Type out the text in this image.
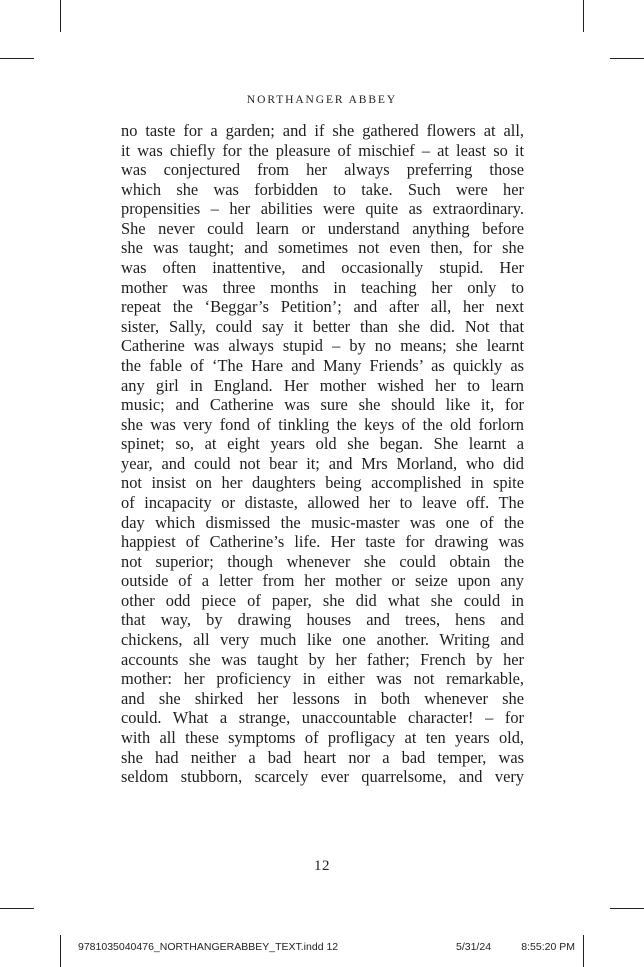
NORTHANGER ABBEY
no taste for a garden; and if she gathered flowers at all,
it was chiefly for the pleasure of mischief – at least so it
was conjectured from her always preferring those
which she was forbidden to take. Such were her
propensities – her abilities were quite as extraordinary.
She never could learn or understand anything before
she was taught; and sometimes not even then, for she
was often inattentive, and occasionally stupid. Her
mother was three months in teaching her only to
repeat the ‘Beggar’s Petition’; and after all, her next
sister, Sally, could say it better than she did. Not that
Catherine was always stupid – by no means; she learnt
the fable of ‘The Hare and Many Friends’ as quickly as
any girl in England. Her mother wished her to learn
music; and Catherine was sure she should like it, for
she was very fond of tinkling the keys of the old forlorn
spinet; so, at eight years old she began. She learnt a
year, and could not bear it; and Mrs Morland, who did
not insist on her daughters being accomplished in spite
of incapacity or distaste, allowed her to leave off. The
day which dismissed the music-master was one of the
happiest of Catherine’s life. Her taste for drawing was
not superior; though whenever she could obtain the
outside of a letter from her mother or seize upon any
other odd piece of paper, she did what she could in
that way, by drawing houses and trees, hens and
chickens, all very much like one another. Writing and
accounts she was taught by her father; French by her
mother: her proficiency in either was not remarkable,
and she shirked her lessons in both whenever she
could. What a strange, unaccountable character! – for
with all these symptoms of profligacy at ten years old,
she had neither a bad heart nor a bad temper, was
seldom stubborn, scarcely ever quarrelsome, and very
12
9781035040476_NORTHANGERABBEY_TEXT.indd 12	5/31/24	8:55:20 PM
